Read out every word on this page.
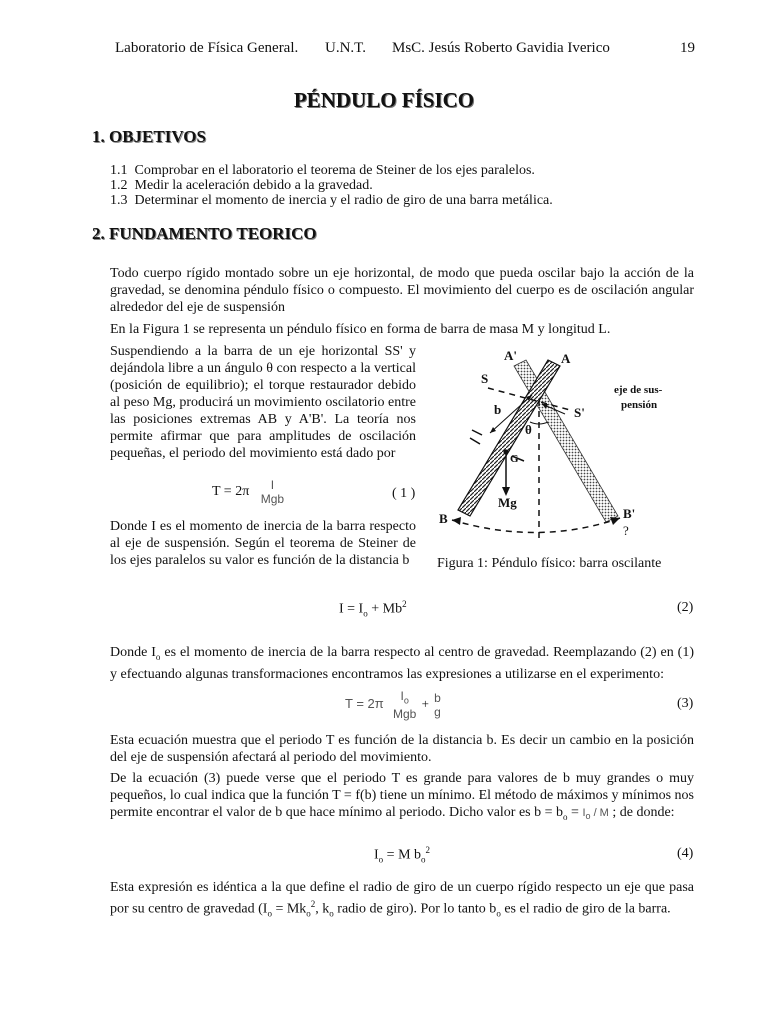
Laboratorio de Física General. U.N.T. MsC. Jesús Roberto Gavidia Iverico	19
PÉNDULO FÍSICO
1. OBJETIVOS
1.1 Comprobar en el laboratorio el teorema de Steiner de los ejes paralelos.
1.2 Medir la aceleración debido a la gravedad.
1.3 Determinar el momento de inercia y el radio de giro de una barra metálica.
2. FUNDAMENTO TEORICO
Todo cuerpo rígido montado sobre un eje horizontal, de modo que pueda oscilar bajo la acción de la gravedad, se denomina péndulo físico o compuesto. El movimiento del cuerpo es de oscilación angular alrededor del eje de suspensión
En la Figura 1 se representa un péndulo físico en forma de barra de masa M y longitud L.
Suspendiendo a la barra de un eje horizontal SS' y dejándola libre a un ángulo θ con respecto a la vertical (posición de equilibrio); el torque restaurador debido al peso Mg, producirá un movimiento oscilatorio entre las posiciones extremas AB y A'B'. La teoría nos permite afirmar que para amplitudes de oscilación pequeñas, el periodo del movimiento está dado por
T = 2π I
Mgb	( 1 )
Donde I es el momento de inercia de la barra respecto al eje de suspensión. Según el teorema de Steiner de los ejes paralelos su valor es función de la distancia b
A'	A
S
S'
b
θ
G
Mg
B	B'
?
eje de sus-
pensión
Figura 1: Péndulo físico: barra oscilante
$I = I_o + Mb^2$	(2)
Donde $I_o$ es el momento de inercia de la barra respecto al centro de gravedad. Reemplazando (2) en (1) y efectuando algunas transformaciones encontramos las expresiones a utilizarse en el experimento:
T = 2π $I_o$
Mgb + b
g
(3)
Esta ecuación muestra que el periodo T es función de la distancia b. Es decir un cambio en la posición del eje de suspensión afectará al periodo del movimiento.
De la ecuación (3) puede verse que el periodo T es grande para valores de b muy grandes o muy pequeños, lo cual indica que la función T = f(b) tiene un mínimo. El método de máximos y mínimos nos permite encontrar el valor de b que hace mínimo al periodo. Dicho valor es $b = b_o = I_o / M$ ; de donde:
$I_o = M$ $b_o^2$	(4)
Esta expresión es idéntica a la que define el radio de giro de un cuerpo rígido respecto un eje que pasa por su centro de gravedad ($I_o = Mk_o^2$, $k_o$ radio de giro). Por lo tanto $b_o$ es el radio de giro de la barra.
